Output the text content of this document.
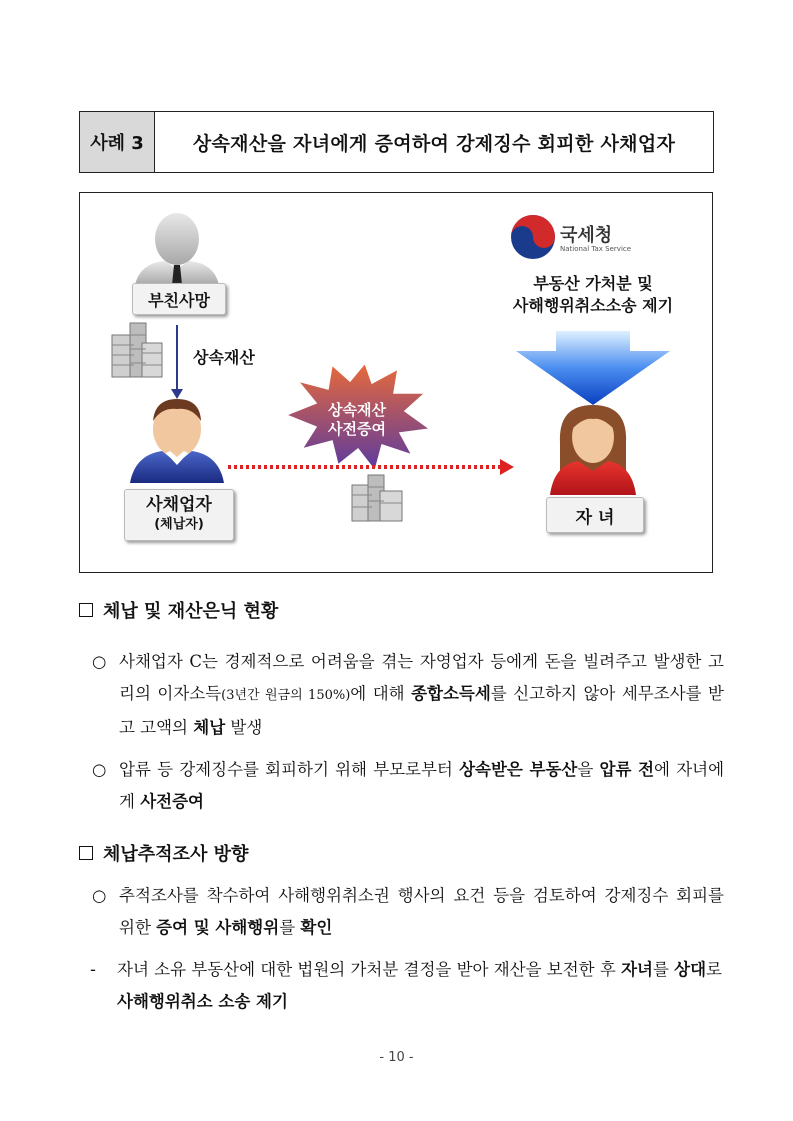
사례 3	상속재산을 자녀에게 증여하여 강제징수 회피한 사채업자
부친사망
상속재산
사채업자
(체납자)
상속재산
사전증여
국세청
National Tax Service
부동산 가처분 및
사해행위취소소송 제기
자 녀
체납 및 재산은닉 현황
○ 사채업자 C는 경제적으로 어려움을 겪는 자영업자 등에게 돈을 빌려주고 발생한 고리의 이자소득(3년간 원금의 150%)에 대해 종합소득세를 신고하지 않아 세무조사를 받고 고액의 체납 발생
○ 압류 등 강제징수를 회피하기 위해 부모로부터 상속받은 부동산을 압류 전에 자녀에게 사전증여
체납추적조사 방향
○ 추적조사를 착수하여 사해행위취소권 행사의 요건 등을 검토하여 강제징수 회피를 위한 증여 및 사해행위를 확인
-	자녀 소유 부동산에 대한 법원의 가처분 결정을 받아 재산을 보전한 후 자녀를 상대로 사해행위취소 소송 제기
- 10 -
